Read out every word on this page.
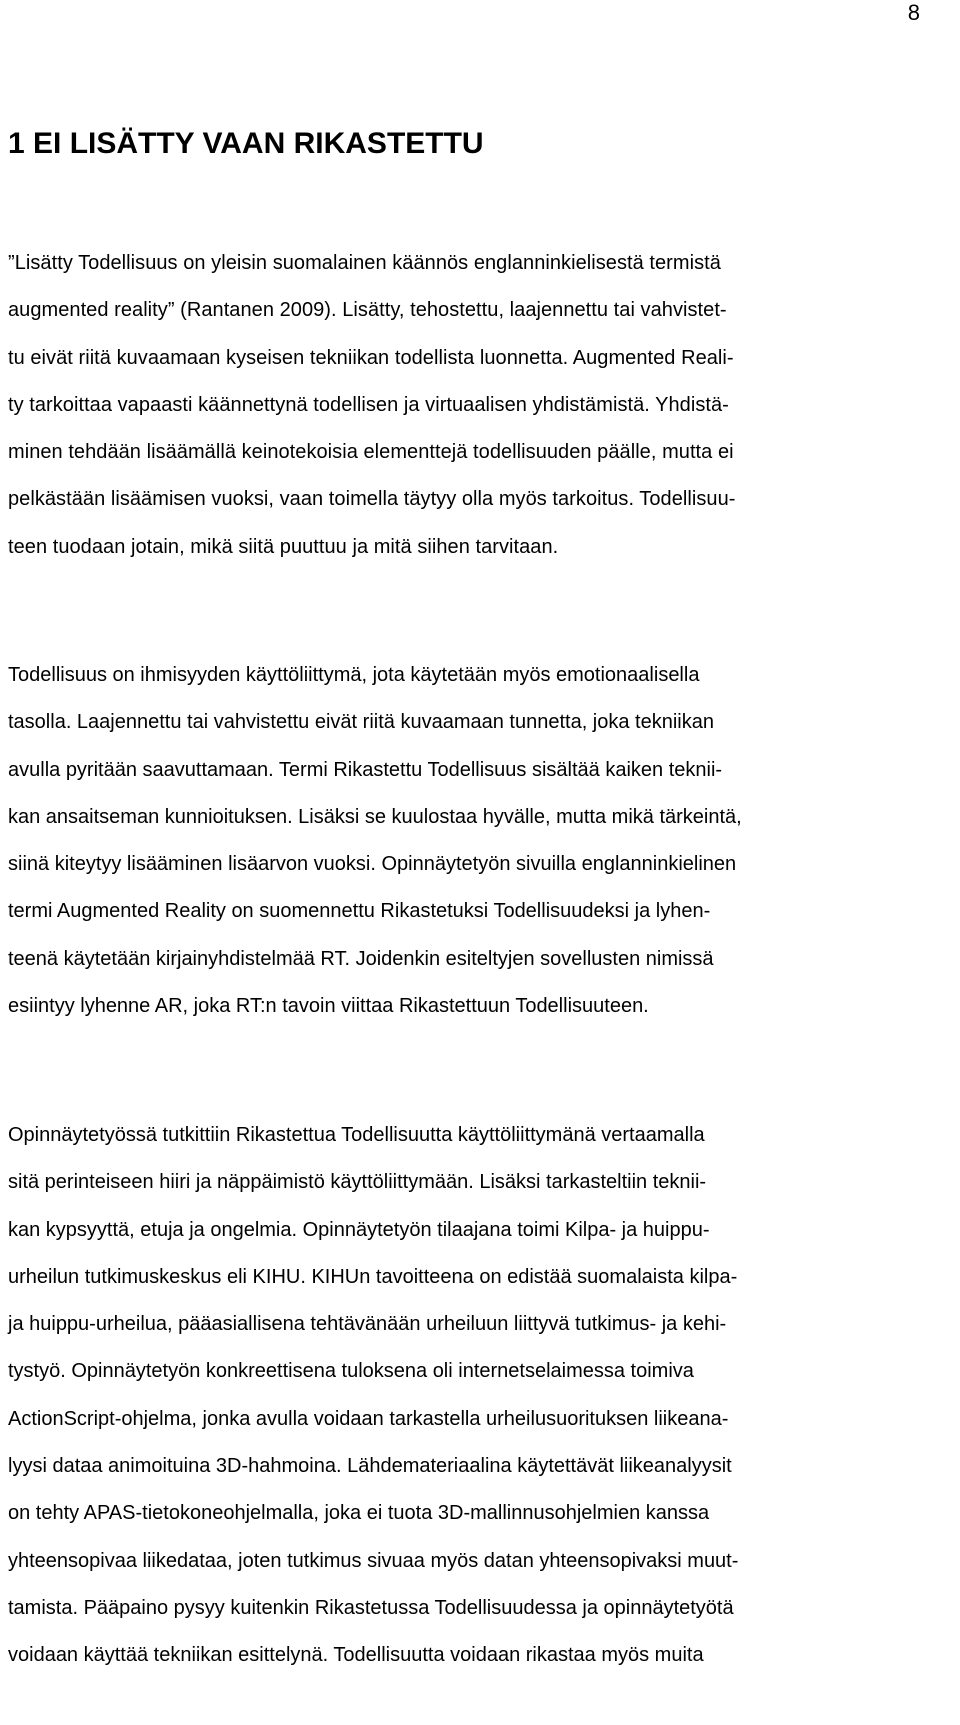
8
1 EI LISÄTTY VAAN RIKASTETTU
”Lisätty Todellisuus on yleisin suomalainen käännös englanninkielisestä termistä
augmented reality” (Rantanen 2009). Lisätty, tehostettu, laajennettu tai vahvistet-
tu eivät riitä kuvaamaan kyseisen tekniikan todellista luonnetta. Augmented Reali-
ty tarkoittaa vapaasti käännettynä todellisen ja virtuaalisen yhdistämistä. Yhdistä-
minen tehdään lisäämällä keinotekoisia elementtejä todellisuuden päälle, mutta ei
pelkästään lisäämisen vuoksi, vaan toimella täytyy olla myös tarkoitus. Todellisuu-
teen tuodaan jotain, mikä siitä puuttuu ja mitä siihen tarvitaan.
Todellisuus on ihmisyyden käyttöliittymä, jota käytetään myös emotionaalisella
tasolla. Laajennettu tai vahvistettu eivät riitä kuvaamaan tunnetta, joka tekniikan
avulla pyritään saavuttamaan. Termi Rikastettu Todellisuus sisältää kaiken teknii-
kan ansaitseman kunnioituksen. Lisäksi se kuulostaa hyvälle, mutta mikä tärkeintä,
siinä kiteytyy lisääminen lisäarvon vuoksi. Opinnäytetyön sivuilla englanninkielinen
termi Augmented Reality on suomennettu Rikastetuksi Todellisuudeksi ja lyhen-
teenä käytetään kirjainyhdistelmää RT. Joidenkin esiteltyjen sovellusten nimissä
esiintyy lyhenne AR, joka RT:n tavoin viittaa Rikastettuun Todellisuuteen.
Opinnäytetyössä tutkittiin Rikastettua Todellisuutta käyttöliittymänä vertaamalla
sitä perinteiseen hiiri ja näppäimistö käyttöliittymään. Lisäksi tarkasteltiin teknii-
kan kypsyyttä, etuja ja ongelmia. Opinnäytetyön tilaajana toimi Kilpa- ja huippu-
urheilun tutkimuskeskus eli KIHU. KIHUn tavoitteena on edistää suomalaista kilpa-
ja huippu-urheilua, pääasiallisena tehtävänään urheiluun liittyvä tutkimus- ja kehi-
tystyö. Opinnäytetyön konkreettisena tuloksena oli internetselaimessa toimiva
ActionScript-ohjelma, jonka avulla voidaan tarkastella urheilusuorituksen liikeana-
lyysi dataa animoituina 3D-hahmoina. Lähdemateriaalina käytettävät liikeanalyysit
on tehty APAS-tietokoneohjelmalla, joka ei tuota 3D-mallinnusohjelmien kanssa
yhteensopivaa liikedataa, joten tutkimus sivuaa myös datan yhteensopivaksi muut-
tamista. Pääpaino pysyy kuitenkin Rikastetussa Todellisuudessa ja opinnäytetyötä
voidaan käyttää tekniikan esittelynä. Todellisuutta voidaan rikastaa myös muita
